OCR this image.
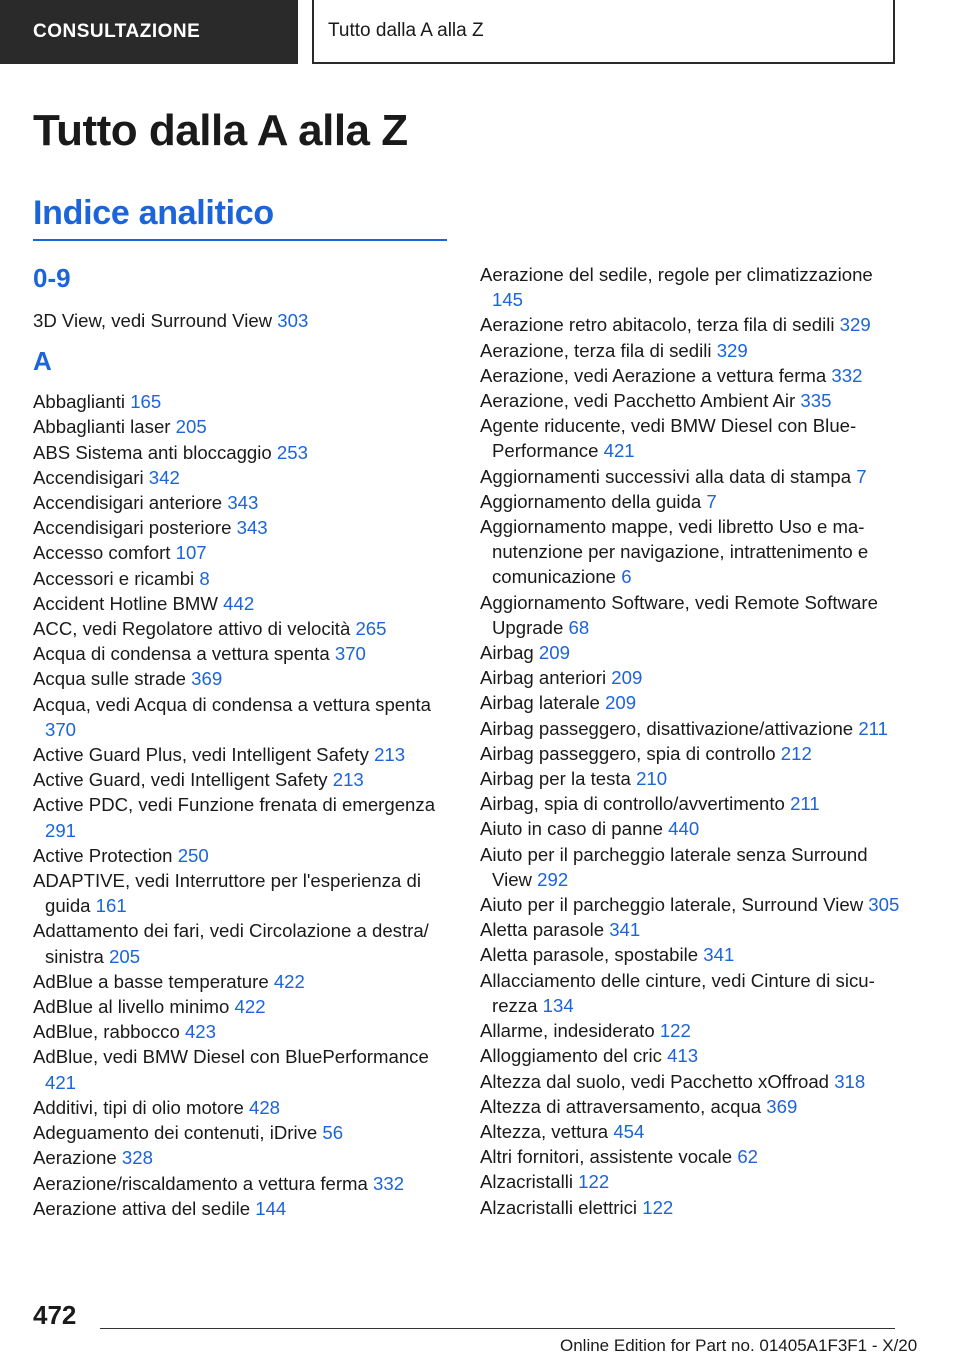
CONSULTAZIONE	Tutto dalla A alla Z
Tutto dalla A alla Z
Indice analitico
0-9

3D View, vedi Surround View 303

A

Abbaglianti 165

Abbaglianti laser 205

ABS Sistema anti bloccaggio 253

Accendisigari 342

Accendisigari anteriore 343

Accendisigari posteriore 343

Accesso comfort 107

Accessori e ricambi 8

Accident Hotline BMW 442

ACC, vedi Regolatore attivo di velocità 265

Acqua di condensa a vettura spenta 370

Acqua sulle strade 369

Acqua, vedi Acqua di condensa a vettura spenta 370

Active Guard Plus, vedi Intelligent Safety 213

Active Guard, vedi Intelligent Safety 213

Active PDC, vedi Funzione frenata di emergenza 291

Active Protection 250

ADAPTIVE, vedi Interruttore per l'esperienza di guida 161

Adattamento dei fari, vedi Circolazione a destra/ sinistra 205

AdBlue a basse temperature 422

AdBlue al livello minimo 422

AdBlue, rabbocco 423

AdBlue, vedi BMW Diesel con BluePerformance 421

Additivi, tipi di olio motore 428

Adeguamento dei contenuti, iDrive 56

Aerazione 328

Aerazione/riscaldamento a vettura ferma 332

Aerazione attiva del sedile 144

Aerazione del sedile, regole per climatizzazione 145

Aerazione retro abitacolo, terza fila di sedili 329

Aerazione, terza fila di sedili 329

Aerazione, vedi Aerazione a vettura ferma 332

Aerazione, vedi Pacchetto Ambient Air 335

Agente riducente, vedi BMW Diesel con BluePerformance 421

Aggiornamenti successivi alla data di stampa 7

Aggiornamento della guida 7

Aggiornamento mappe, vedi libretto Uso e manutenzione per navigazione, intrattenimento e comunicazione 6

Aggiornamento Software, vedi Remote Software Upgrade 68

Airbag 209

Airbag anteriori 209

Airbag laterale 209

Airbag passeggero, disattivazione/attivazione 211

Airbag passeggero, spia di controllo 212

Airbag per la testa 210

Airbag, spia di controllo/avvertimento 211

Aiuto in caso di panne 440

Aiuto per il parcheggio laterale senza Surround View 292

Aiuto per il parcheggio laterale, Surround View 305

Aletta parasole 341

Aletta parasole, spostabile 341

Allacciamento delle cinture, vedi Cinture di sicurezza 134

Allarme, indesiderato 122

Alloggiamento del cric 413

Altezza dal suolo, vedi Pacchetto xOffroad 318

Altezza di attraversamento, acqua 369

Altezza, vettura 454

Altri fornitori, assistente vocale 62

Alzacristalli 122

Alzacristalli elettrici 122

472
Online Edition for Part no. 01405A1F3F1 - X/20
